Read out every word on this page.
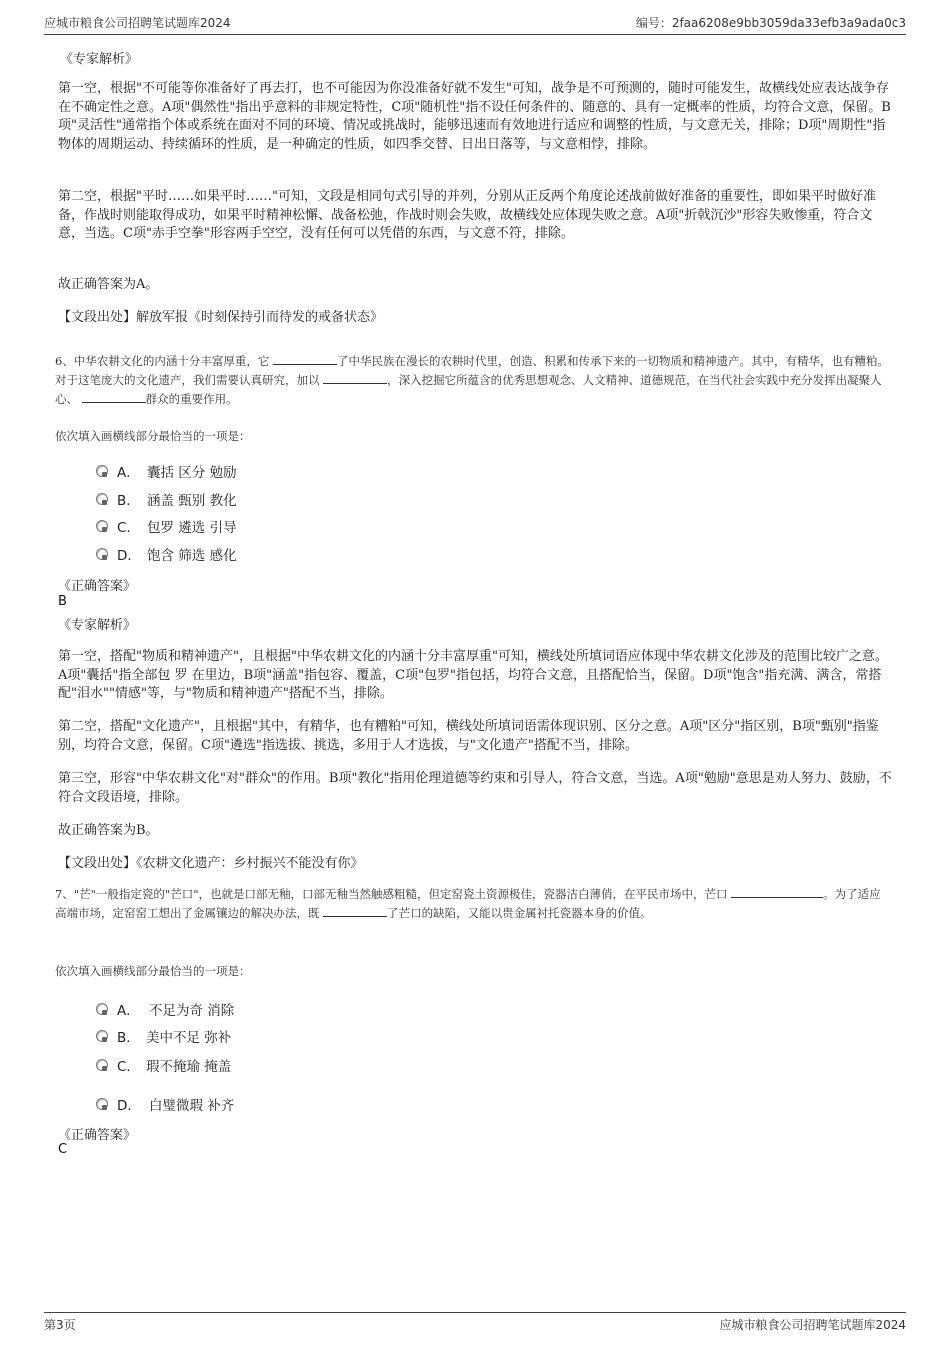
应城市粮食公司招聘笔试题库2024	编号：2faa6208e9bb3059da33efb3a9ada0c3
《专家解析》

第一空，根据"不可能等你准备好了再去打，也不可能因为你没准备好就不发生"可知，战争是不可预测的，随时可能发生，故横线处应表达战争存在不确定性之意。A项"偶然性"指出乎意料的非规定特性，C项"随机性"指不设任何条件的、随意的、具有一定概率的性质，均符合文意，保留。B项"灵活性"通常指个体或系统在面对不同的环境、情况或挑战时，能够迅速而有效地进行适应和调整的性质，与文意无关，排除；D项"周期性"指物体的周期运动、持续循环的性质，是一种确定的性质，如四季交替、日出日落等，与文意相悖，排除。

第二空，根据"平时……如果平时……"可知，文段是相同句式引导的并列，分别从正反两个角度论述战前做好准备的重要性，即如果平时做好准备，作战时则能取得成功，如果平时精神松懈、战备松弛，作战时则会失败，故横线处应体现失败之意。A项"折戟沉沙"形容失败惨重，符合文意，当选。C项"赤手空拳"形容两手空空，没有任何可以凭借的东西，与文意不符，排除。

故正确答案为A。
【文段出处】解放军报《时刻保持引而待发的戒备状态》

6、中华农耕文化的内涵十分丰富厚重，它	了中华民族在漫长的农耕时代里，创造、积累和传承下来的一切物质和精神遗产。其中，有精华，也有糟粕。对于这笔庞大的文化遗产，我们需要认真研究，加以	，深入挖掘它所蕴含的优秀思想观念、人文精神、道德规范，在当代社会实践中充分发挥出凝聚人心、	群众的重要作用。

依次填入画横线部分最恰当的一项是：
A． 囊括 区分 勉励
B． 涵盖 甄别 教化
C． 包罗 遴选 引导
D． 饱含 筛选 感化
《正确答案》
B
《专家解析》

第一空，搭配"物质和精神遗产"，且根据"中华农耕文化的内涵十分丰富厚重"可知，横线处所填词语应体现中华农耕文化涉及的范围比较广之意。A项"囊括"指全部包 罗 在里边，B项"涵盖"指包容、覆盖，C项"包罗"指包括，均符合文意，且搭配恰当，保留。D项"饱含"指充满、满含，常搭配"泪水""情感"等，与"物质和精神遗产"搭配不当，排除。

第二空，搭配"文化遗产"，且根据"其中，有精华，也有糟粕"可知，横线处所填词语需体现识别、区分之意。A项"区分"指区别，B项"甄别"指鉴别，均符合文意，保留。C项"遴选"指选拔、挑选，多用于人才选拔，与"文化遗产"搭配不当，排除。

第三空，形容"中华农耕文化"对"群众"的作用。B项"教化"指用伦理道德等约束和引导人，符合文意，当选。A项"勉励"意思是劝人努力、鼓励，不符合文段语境，排除。

故正确答案为B。
【文段出处】《农耕文化遗产：乡村振兴不能没有你》

7、"芒"一般指定瓷的"芒口"，也就是口部无釉，口部无釉当然触感粗糙，但定窑瓷土资源极佳，瓷器洁白薄俏，在平民市场中，芒口	。为了适应高端市场，定窑窑工想出了金属镶边的解决办法，既	了芒口的缺陷，又能以贵金属衬托瓷器本身的价值。

依次填入画横线部分最恰当的一项是：
A． 不足为奇 消除
B． 美中不足 弥补
C． 瑕不掩瑜 掩盖
D． 白璧微瑕 补齐
《正确答案》
C
第3页	应城市粮食公司招聘笔试题库2024
